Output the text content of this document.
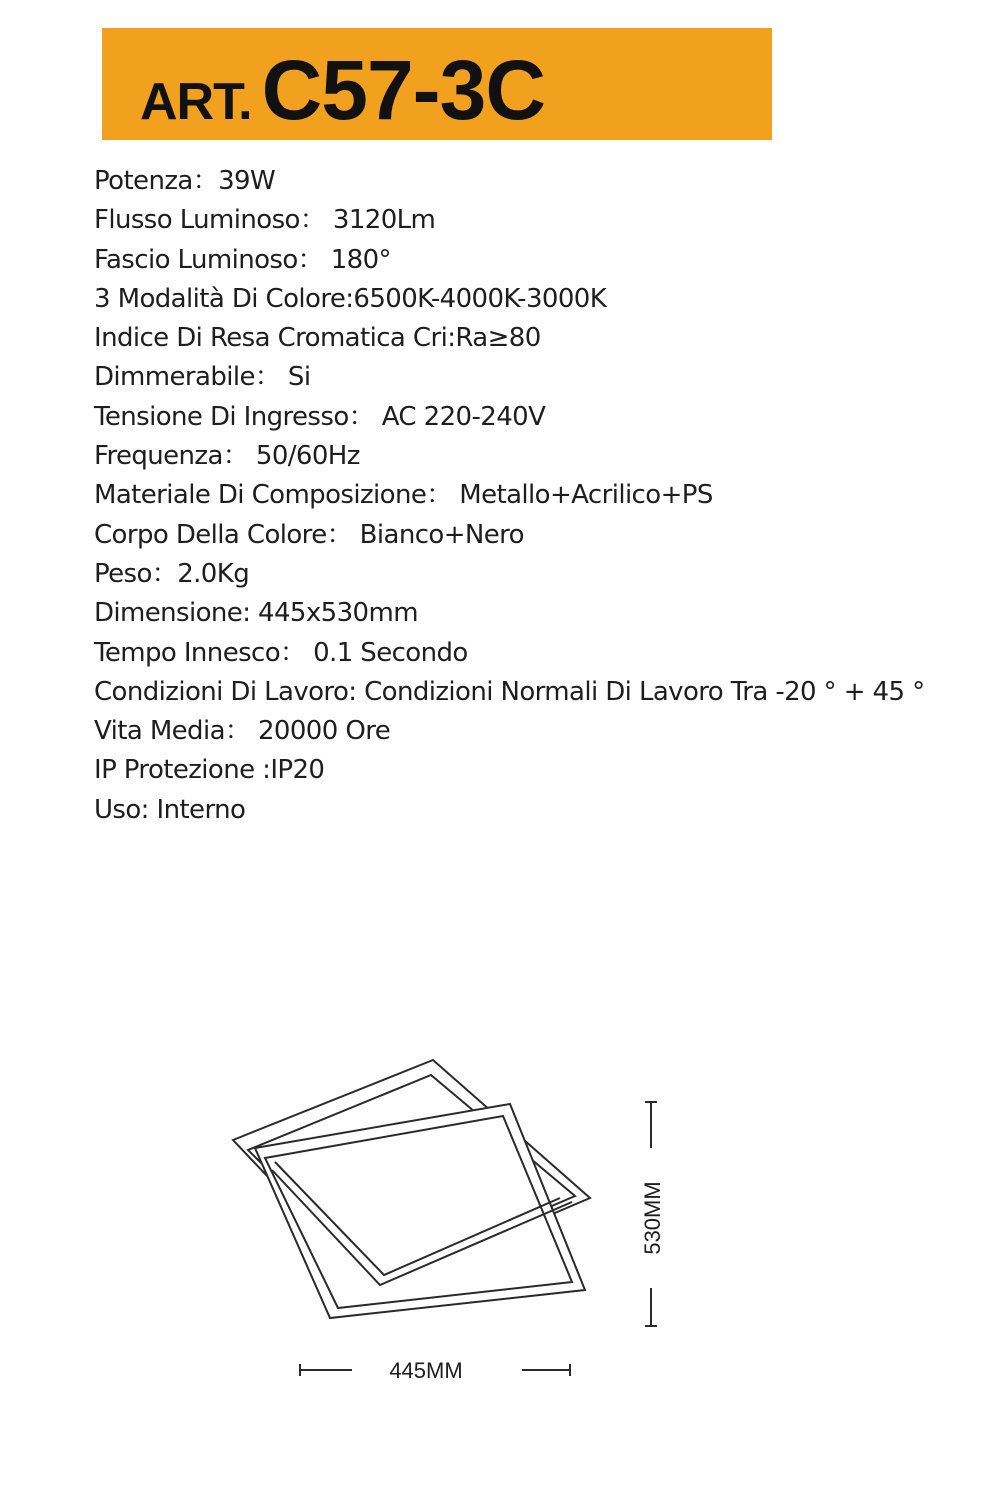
ART. C57-3C
Potenza：39W
Flusso Luminoso： 3120Lm
Fascio Luminoso： 180°
3 Modalità Di Colore:6500K-4000K-3000K
Indice Di Resa Cromatica Cri:Ra≥80
Dimmerabile： Si
Tensione Di Ingresso： AC 220-240V
Frequenza： 50/60Hz
Materiale Di Composizione： Metallo+Acrilico+PS
Corpo Della Colore： Bianco+Nero
Peso：2.0Kg
Dimensione: 445x530mm
Tempo Innesco： 0.1 Secondo
Condizioni Di Lavoro: Condizioni Normali Di Lavoro Tra -20 ° + 45 °
Vita Media： 20000 Ore
IP Protezione :IP20
Uso: Interno
530MM
445MM
